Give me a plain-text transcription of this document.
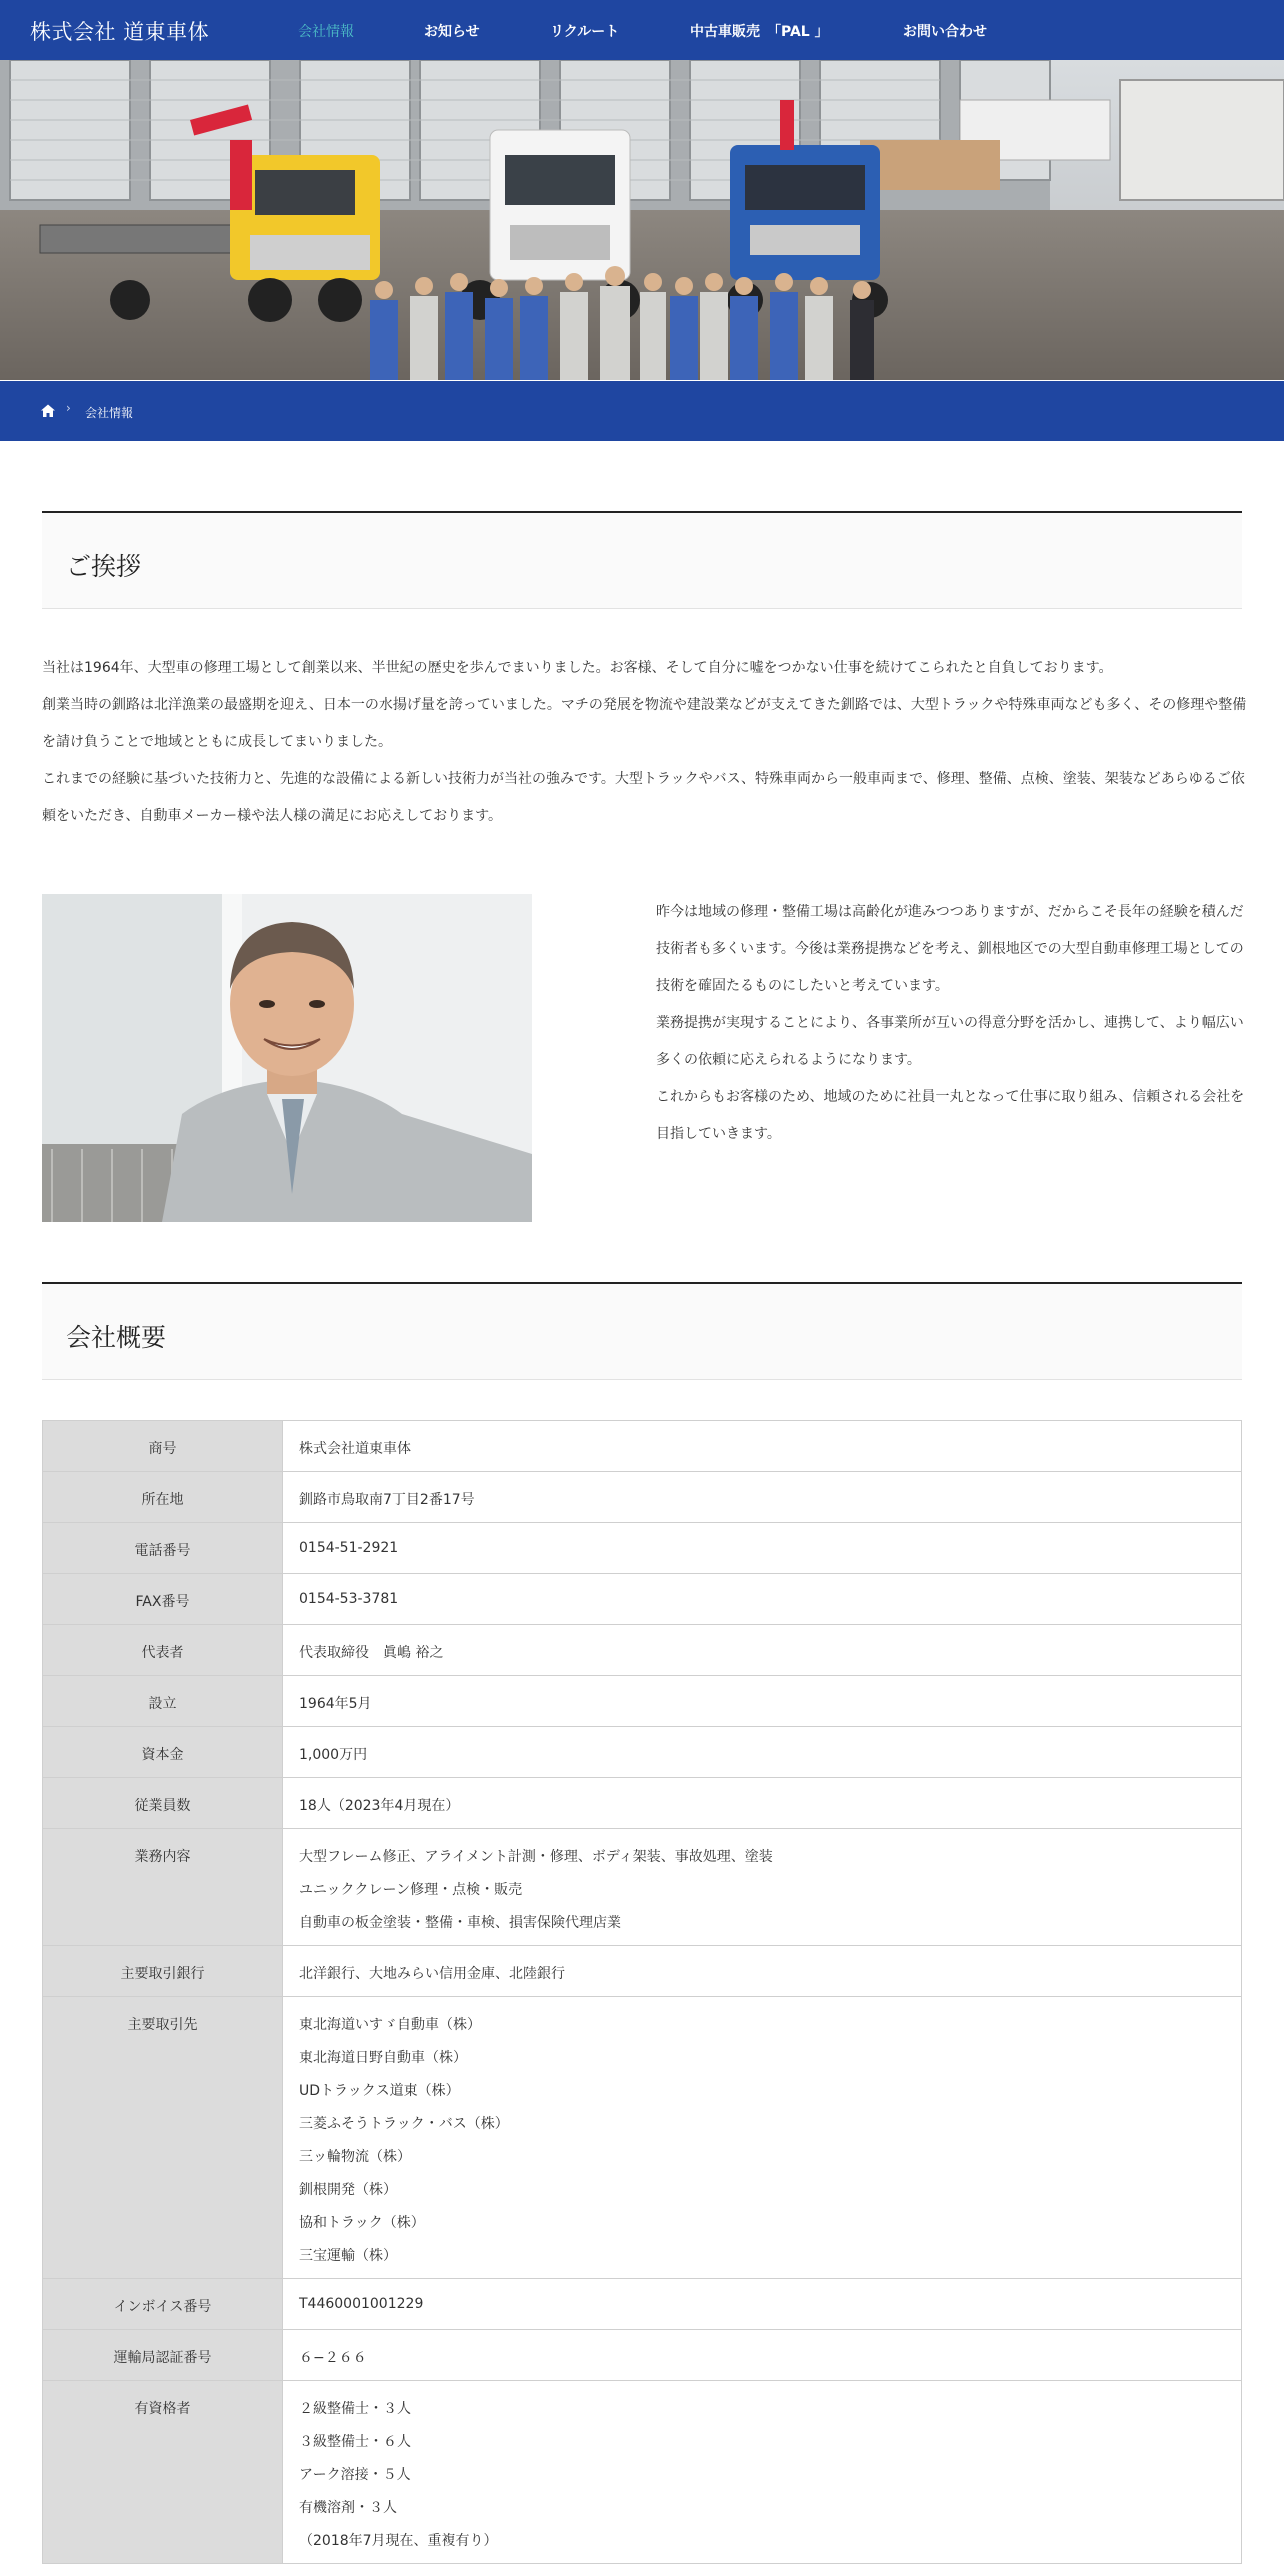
株式会社 道東車体	会社情報	お知らせ	リクルート	中古車販売　「PAL 」	お問い合わせ
› 会社情報
ご挨拶

当社は1964年、大型車の修理工場として創業以来、半世紀の歴史を歩んでまいりました。お客様、そして自分に嘘をつかない仕事を続けてこられたと自負しております。

創業当時の釧路は北洋漁業の最盛期を迎え、日本一の水揚げ量を誇っていました。マチの発展を物流や建設業などが支えてきた釧路では、大型トラックや特殊車両なども多く、その修理や整備を請け負うことで地域とともに成長してまいりました。

これまでの経験に基づいた技術力と、先進的な設備による新しい技術力が当社の強みです。大型トラックやバス、特殊車両から一般車両まで、修理、整備、点検、塗装、架装などあらゆるご依頼をいただき、自動車メーカー様や法人様の満足にお応えしております。

昨今は地域の修理・整備工場は高齢化が進みつつありますが、だからこそ長年の経験を積んだ技術者も多くいます。今後は業務提携などを考え、釧根地区での大型自動車修理工場としての技術を確固たるものにしたいと考えています。

業務提携が実現することにより、各事業所が互いの得意分野を活かし、連携して、より幅広い多くの依頼に応えられるようになります。

これからもお客様のため、地域のために社員一丸となって仕事に取り組み、信頼される会社を目指していきます。

会社概要
商号	株式会社道東車体
所在地	釧路市鳥取南7丁目2番17号
電話番号	0154-51-2921
FAX番号	0154-53-3781
代表者	代表取締役　眞嶋 裕之
設立	1964年5月
資本金	1,000万円
従業員数	18人（2023年4月現在）
業務内容	大型フレーム修正、アライメント計測・修理、ボディ架装、事故処理、塗装
ユニッククレーン修理・点検・販売
自動車の板金塗装・整備・車検、損害保険代理店業
主要取引銀行	北洋銀行、大地みらい信用金庫、北陸銀行
主要取引先	東北海道いすゞ自動車（株）
東北海道日野自動車（株）
UDトラックス道東（株）
三菱ふそうトラック・バス（株）
三ッ輪物流（株）
釧根開発（株）
協和トラック（株）
三宝運輸（株）
インボイス番号	T4460001001229
運輸局認証番号	６−２６６
有資格者	２級整備士・３人
３級整備士・６人
アーク溶接・５人
有機溶剤・３人
（2018年7月現在、重複有り）
